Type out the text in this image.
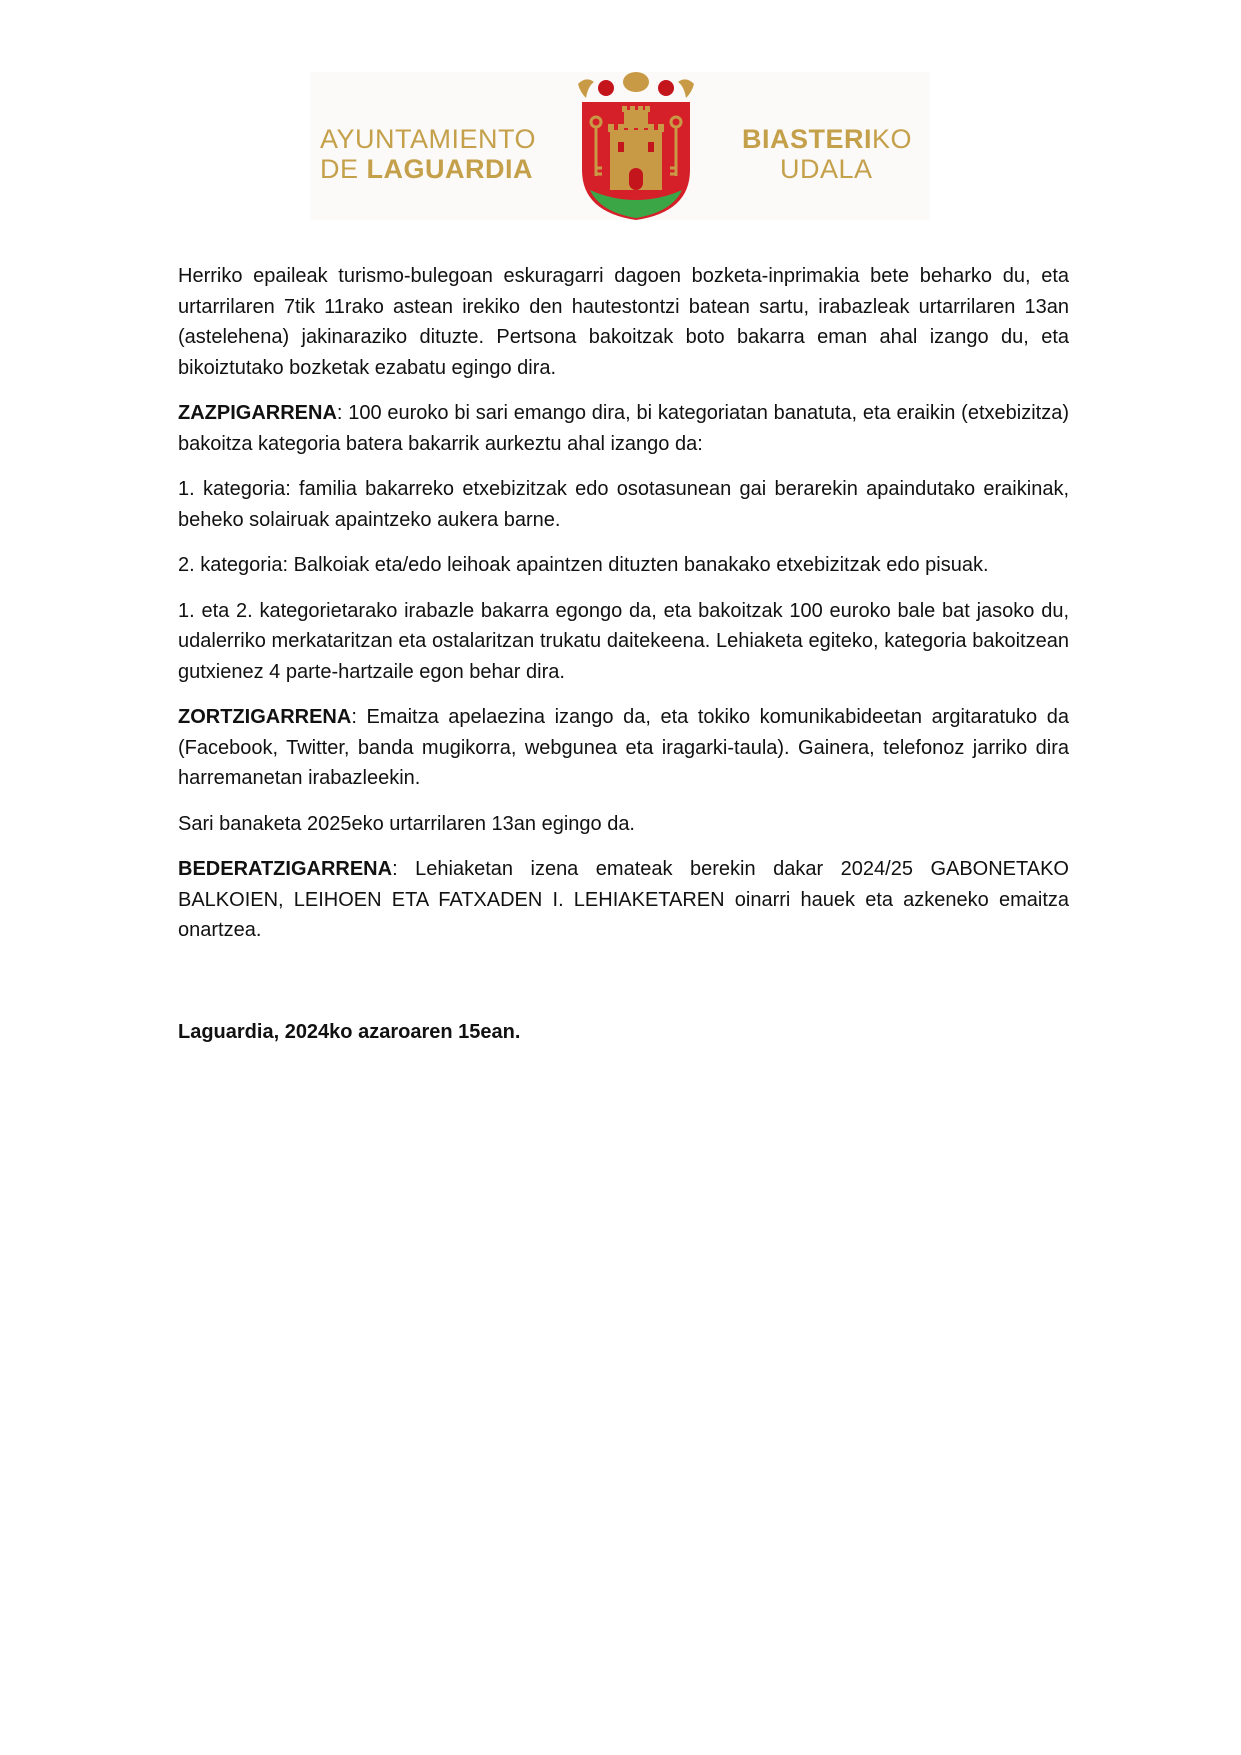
AYUNTAMIENTO
DE LAGUARDIA
BIASTERIKO
UDALA

Herriko epaileak turismo-bulegoan eskuragarri dagoen bozketa-inprimakia bete beharko du, eta urtarrilaren 7tik 11rako astean irekiko den hautestontzi batean sartu, irabazleak urtarrilaren 13an (astelehena) jakinaraziko dituzte. Pertsona bakoitzak boto bakarra eman ahal izango du, eta bikoiztutako bozketak ezabatu egingo dira.

ZAZPIGARRENA: 100 euroko bi sari emango dira, bi kategoriatan banatuta, eta eraikin (etxebizitza) bakoitza kategoria batera bakarrik aurkeztu ahal izango da:

1. kategoria: familia bakarreko etxebizitzak edo osotasunean gai berarekin apaindutako eraikinak, beheko solairuak apaintzeko aukera barne.

2. kategoria: Balkoiak eta/edo leihoak apaintzen dituzten banakako etxebizitzak edo pisuak.

1. eta 2. kategorietarako irabazle bakarra egongo da, eta bakoitzak 100 euroko bale bat jasoko du, udalerriko merkataritzan eta ostalaritzan trukatu daitekeena. Lehiaketa egiteko, kategoria bakoitzean gutxienez 4 parte-hartzaile egon behar dira.

ZORTZIGARRENA: Emaitza apelaezina izango da, eta tokiko komunikabideetan argitaratuko da (Facebook, Twitter, banda mugikorra, webgunea eta iragarki-taula). Gainera, telefonoz jarriko dira harremanetan irabazleekin.

Sari banaketa 2025eko urtarrilaren 13an egingo da.

BEDERATZIGARRENA: Lehiaketan izena emateak berekin dakar 2024/25 GABONETAKO BALKOIEN, LEIHOEN ETA FATXADEN I. LEHIAKETAREN oinarri hauek eta azkeneko emaitza onartzea.

Laguardia, 2024ko azaroaren 15ean.
